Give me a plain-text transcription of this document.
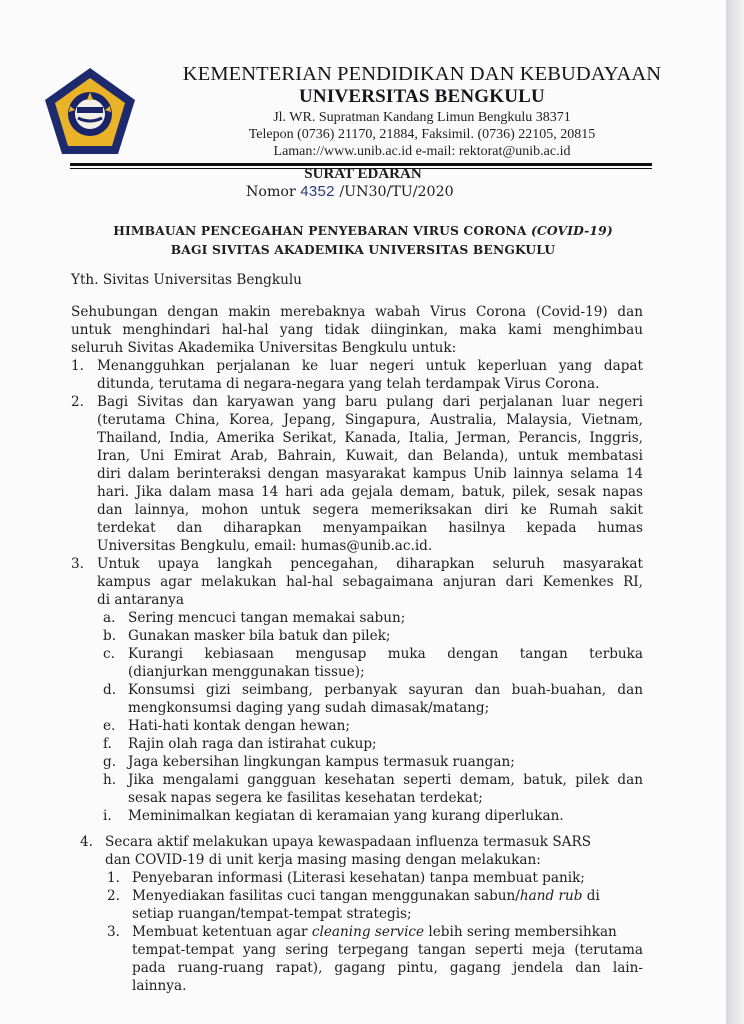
KEMENTERIAN PENDIDIKAN DAN KEBUDAYAAN
UNIVERSITAS BENGKULU
Jl. WR. Supratman Kandang Limun Bengkulu 38371
Telepon (0736) 21170, 21884, Faksimil. (0736) 22105, 20815
Laman://www.unib.ac.id e-mail: rektorat@unib.ac.id
SURAT EDARAN
Nomor 4352 /UN30/TU/2020
HIMBAUAN PENCEGAHAN PENYEBARAN VIRUS CORONA (COVID-19)
BAGI SIVITAS AKADEMIKA UNIVERSITAS BENGKULU
Yth. Sivitas Universitas Bengkulu
Sehubungan dengan makin merebaknya wabah Virus Corona (Covid-19) dan
untuk menghindari hal-hal yang tidak diinginkan, maka kami menghimbau
seluruh Sivitas Akademika Universitas Bengkulu untuk:
1. Menangguhkan perjalanan ke luar negeri untuk keperluan yang dapat
ditunda, terutama di negara-negara yang telah terdampak Virus Corona.
2. Bagi Sivitas dan karyawan yang baru pulang dari perjalanan luar negeri
(terutama China, Korea, Jepang, Singapura, Australia, Malaysia, Vietnam,
Thailand, India, Amerika Serikat, Kanada, Italia, Jerman, Perancis, Inggris,
Iran, Uni Emirat Arab, Bahrain, Kuwait, dan Belanda), untuk membatasi
diri dalam berinteraksi dengan masyarakat kampus Unib lainnya selama 14
hari. Jika dalam masa 14 hari ada gejala demam, batuk, pilek, sesak napas
dan lainnya, mohon untuk segera memeriksakan diri ke Rumah sakit
terdekat dan diharapkan menyampaikan hasilnya kepada humas
Universitas Bengkulu, email: humas@unib.ac.id.
3. Untuk upaya langkah pencegahan, diharapkan seluruh masyarakat
kampus agar melakukan hal-hal sebagaimana anjuran dari Kemenkes RI,
di antaranya
a. Sering mencuci tangan memakai sabun;
b. Gunakan masker bila batuk dan pilek;
c. Kurangi kebiasaan mengusap muka dengan tangan terbuka
(dianjurkan menggunakan tissue);
d. Konsumsi gizi seimbang, perbanyak sayuran dan buah-buahan, dan
mengkonsumsi daging yang sudah dimasak/matang;
e. Hati-hati kontak dengan hewan;
f. Rajin olah raga dan istirahat cukup;
g. Jaga kebersihan lingkungan kampus termasuk ruangan;
h. Jika mengalami gangguan kesehatan seperti demam, batuk, pilek dan
sesak napas segera ke fasilitas kesehatan terdekat;
i. Meminimalkan kegiatan di keramaian yang kurang diperlukan.
4. Secara aktif melakukan upaya kewaspadaan influenza termasuk SARS
dan COVID-19 di unit kerja masing masing dengan melakukan:
1. Penyebaran informasi (Literasi kesehatan) tanpa membuat panik;
2. Menyediakan fasilitas cuci tangan menggunakan sabun/hand rub di
setiap ruangan/tempat-tempat strategis;
3. Membuat ketentuan agar cleaning service lebih sering membersihkan
tempat-tempat yang sering terpegang tangan seperti meja (terutama
pada ruang-ruang rapat), gagang pintu, gagang jendela dan lain-
lainnya.
